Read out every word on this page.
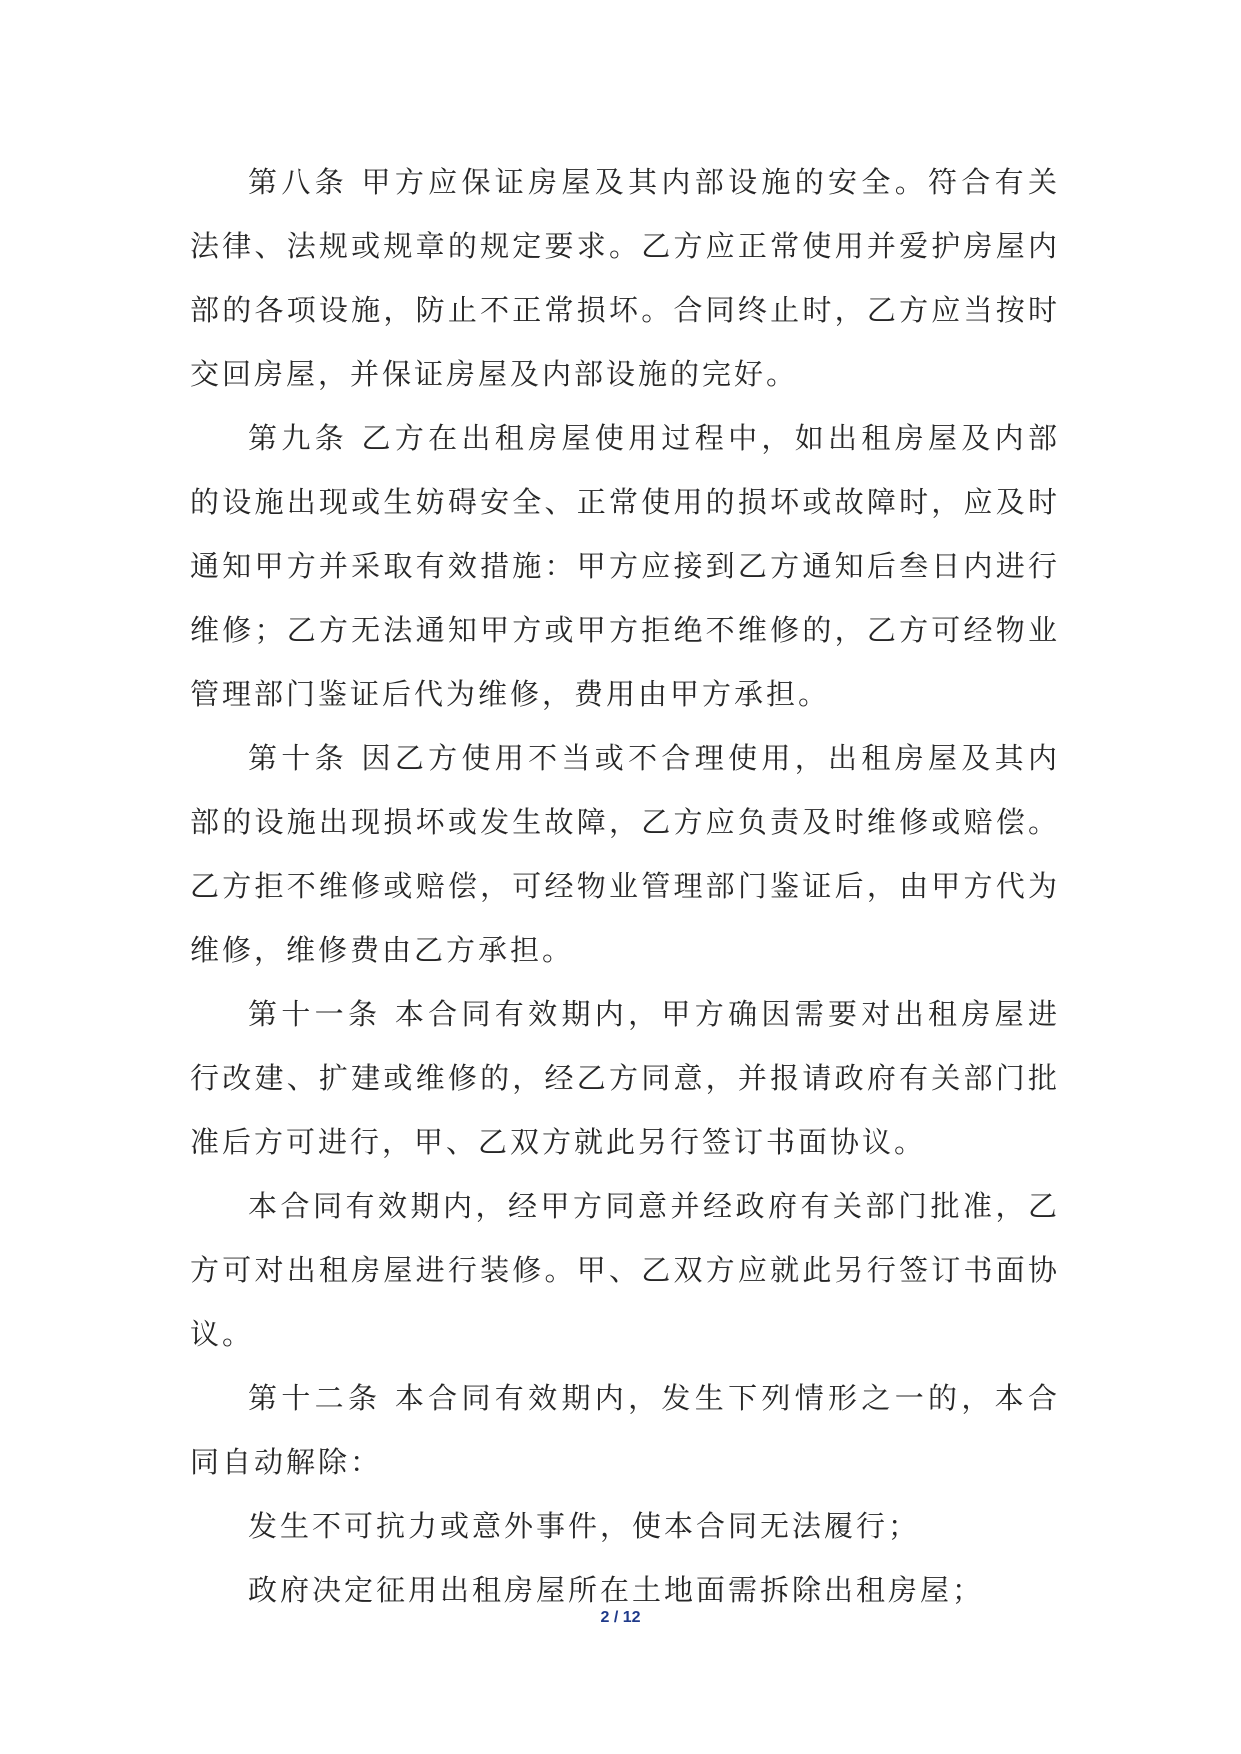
第八条 甲方应保证房屋及其内部设施的安全。符合有关法律、法规或规章的规定要求。乙方应正常使用并爱护房屋内部的各项设施，防止不正常损坏。合同终止时，乙方应当按时交回房屋，并保证房屋及内部设施的完好。

第九条 乙方在出租房屋使用过程中，如出租房屋及内部的设施出现或生妨碍安全、正常使用的损坏或故障时，应及时通知甲方并采取有效措施：甲方应接到乙方通知后叁日内进行维修；乙方无法通知甲方或甲方拒绝不维修的，乙方可经物业管理部门鉴证后代为维修，费用由甲方承担。

第十条 因乙方使用不当或不合理使用，出租房屋及其内部的设施出现损坏或发生故障，乙方应负责及时维修或赔偿。乙方拒不维修或赔偿，可经物业管理部门鉴证后，由甲方代为维修，维修费由乙方承担。

第十一条 本合同有效期内，甲方确因需要对出租房屋进行改建、扩建或维修的，经乙方同意，并报请政府有关部门批准后方可进行，甲、乙双方就此另行签订书面协议。

本合同有效期内，经甲方同意并经政府有关部门批准，乙方可对出租房屋进行装修。甲、乙双方应就此另行签订书面协议。

第十二条 本合同有效期内，发生下列情形之一的，本合同自动解除：

发生不可抗力或意外事件，使本合同无法履行；

政府决定征用出租房屋所在土地面需拆除出租房屋；

2 / 12
